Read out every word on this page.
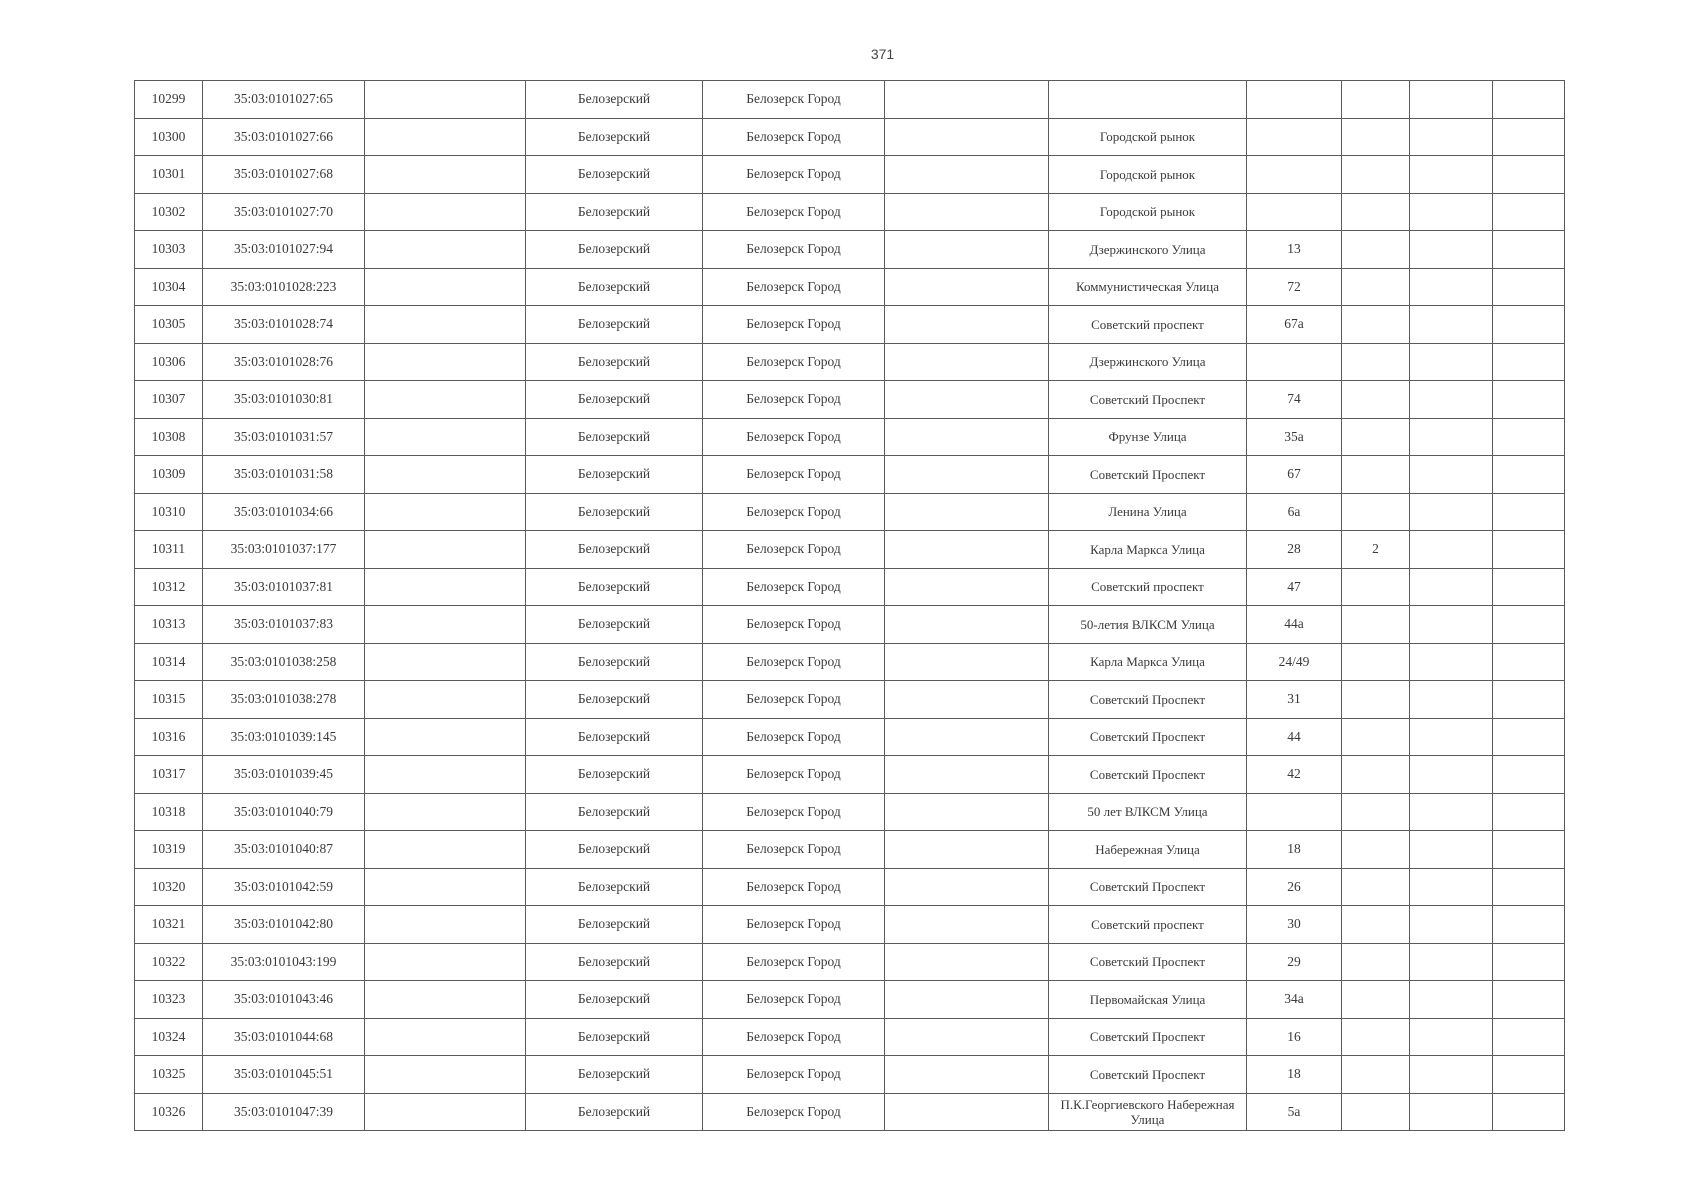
371
10299	35:03:0101027:65		Белозерский	Белозерск Город						
10300	35:03:0101027:66		Белозерский	Белозерск Город		Городской рынок				
10301	35:03:0101027:68		Белозерский	Белозерск Город		Городской рынок				
10302	35:03:0101027:70		Белозерский	Белозерск Город		Городской рынок				
10303	35:03:0101027:94		Белозерский	Белозерск Город		Дзержинского Улица	13			
10304	35:03:0101028:223		Белозерский	Белозерск Город		Коммунистическая Улица	72			
10305	35:03:0101028:74		Белозерский	Белозерск Город		Советский проспект	67а			
10306	35:03:0101028:76		Белозерский	Белозерск Город		Дзержинского Улица				
10307	35:03:0101030:81		Белозерский	Белозерск Город		Советский Проспект	74			
10308	35:03:0101031:57		Белозерский	Белозерск Город		Фрунзе Улица	35а			
10309	35:03:0101031:58		Белозерский	Белозерск Город		Советский Проспект	67			
10310	35:03:0101034:66		Белозерский	Белозерск Город		Ленина Улица	6а			
10311	35:03:0101037:177		Белозерский	Белозерск Город		Карла Маркса Улица	28	2		
10312	35:03:0101037:81		Белозерский	Белозерск Город		Советский проспект	47			
10313	35:03:0101037:83		Белозерский	Белозерск Город		50-летия ВЛКСМ Улица	44а			
10314	35:03:0101038:258		Белозерский	Белозерск Город		Карла Маркса Улица	24/49			
10315	35:03:0101038:278		Белозерский	Белозерск Город		Советский Проспект	31			
10316	35:03:0101039:145		Белозерский	Белозерск Город		Советский Проспект	44			
10317	35:03:0101039:45		Белозерский	Белозерск Город		Советский Проспект	42			
10318	35:03:0101040:79		Белозерский	Белозерск Город		50 лет ВЛКСМ Улица				
10319	35:03:0101040:87		Белозерский	Белозерск Город		Набережная Улица	18			
10320	35:03:0101042:59		Белозерский	Белозерск Город		Советский Проспект	26			
10321	35:03:0101042:80		Белозерский	Белозерск Город		Советский проспект	30			
10322	35:03:0101043:199		Белозерский	Белозерск Город		Советский Проспект	29			
10323	35:03:0101043:46		Белозерский	Белозерск Город		Первомайская Улица	34а			
10324	35:03:0101044:68		Белозерский	Белозерск Город		Советский Проспект	16			
10325	35:03:0101045:51		Белозерский	Белозерск Город		Советский Проспект	18			
10326	35:03:0101047:39		Белозерский	Белозерск Город		П.К.Георгиевского Набережная Улица	5а			
